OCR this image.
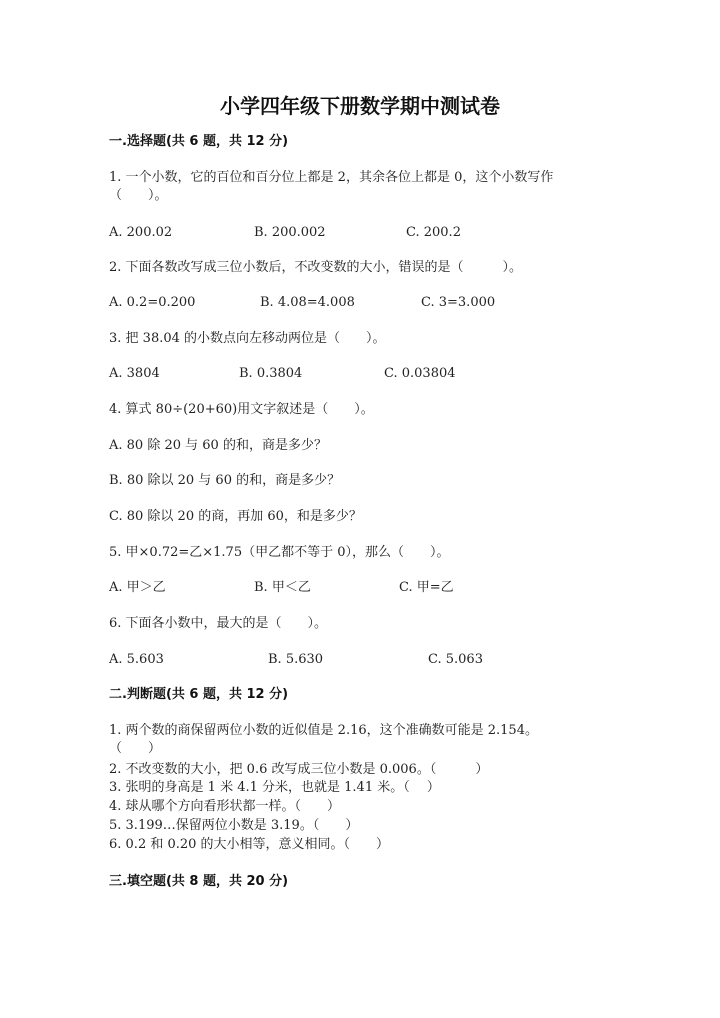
小学四年级下册数学期中测试卷
一.选择题(共 6 题，共 12 分)
1. 一个小数，它的百位和百分位上都是 2，其余各位上都是 0，这个小数写作
（　　）。
A. 200.02	B. 200.002	C. 200.2
2. 下面各数改写成三位小数后，不改变数的大小，错误的是（　　　）。
A. 0.2=0.200	B. 4.08=4.008	C. 3=3.000
3. 把 38.04 的小数点向左移动两位是（　　）。
A. 3804	B. 0.3804	C. 0.03804
4. 算式 80÷(20+60)用文字叙述是（　　）。
A. 80 除 20 与 60 的和，商是多少？
B. 80 除以 20 与 60 的和，商是多少？
C. 80 除以 20 的商，再加 60，和是多少？
5. 甲×0.72=乙×1.75（甲乙都不等于 0），那么（　　）。
A. 甲＞乙	B. 甲＜乙	C. 甲=乙
6. 下面各小数中，最大的是（　　）。
A. 5.603	B. 5.630	C. 5.063
二.判断题(共 6 题，共 12 分)
1. 两个数的商保留两位小数的近似值是 2.16，这个准确数可能是 2.154。
（　　）
2. 不改变数的大小，把 0.6 改写成三位小数是 0.006。（　　　）
3. 张明的身高是 1 米 4.1 分米，也就是 1.41 米。（　 ）
4. 球从哪个方向看形状都一样。（　　）
5. 3.199…保留两位小数是 3.19。（　　）
6. 0.2 和 0.20 的大小相等，意义相同。（　　）
三.填空题(共 8 题，共 20 分)
